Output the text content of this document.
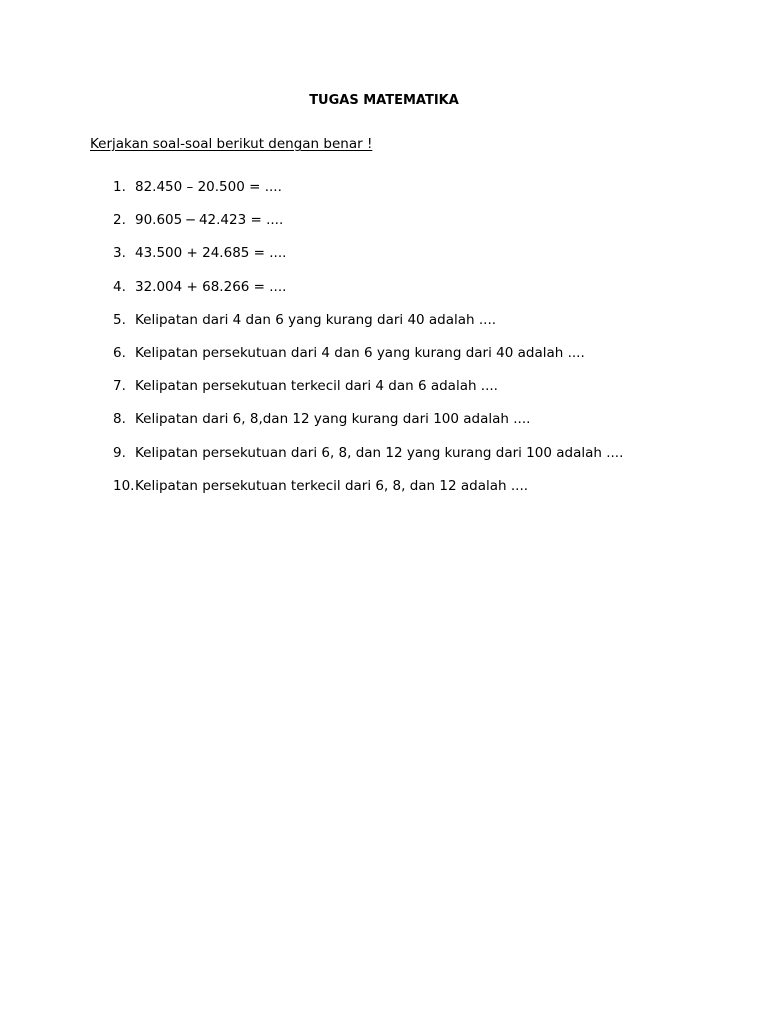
TUGAS MATEMATIKA
Kerjakan soal-soal berikut dengan benar !
1. 82.450 – 20.500 = ....
2. 90.605 − 42.423 = ....
3. 43.500 + 24.685 = ....
4. 32.004 + 68.266 = ....
5. Kelipatan dari 4 dan 6 yang kurang dari 40 adalah ....
6. Kelipatan persekutuan dari 4 dan 6 yang kurang dari 40 adalah ....
7. Kelipatan persekutuan terkecil dari 4 dan 6 adalah ....
8. Kelipatan dari 6, 8,dan 12 yang kurang dari 100 adalah ....
9. Kelipatan persekutuan dari 6, 8, dan 12 yang kurang dari 100 adalah ....
10. Kelipatan persekutuan terkecil dari 6, 8, dan 12 adalah ....
